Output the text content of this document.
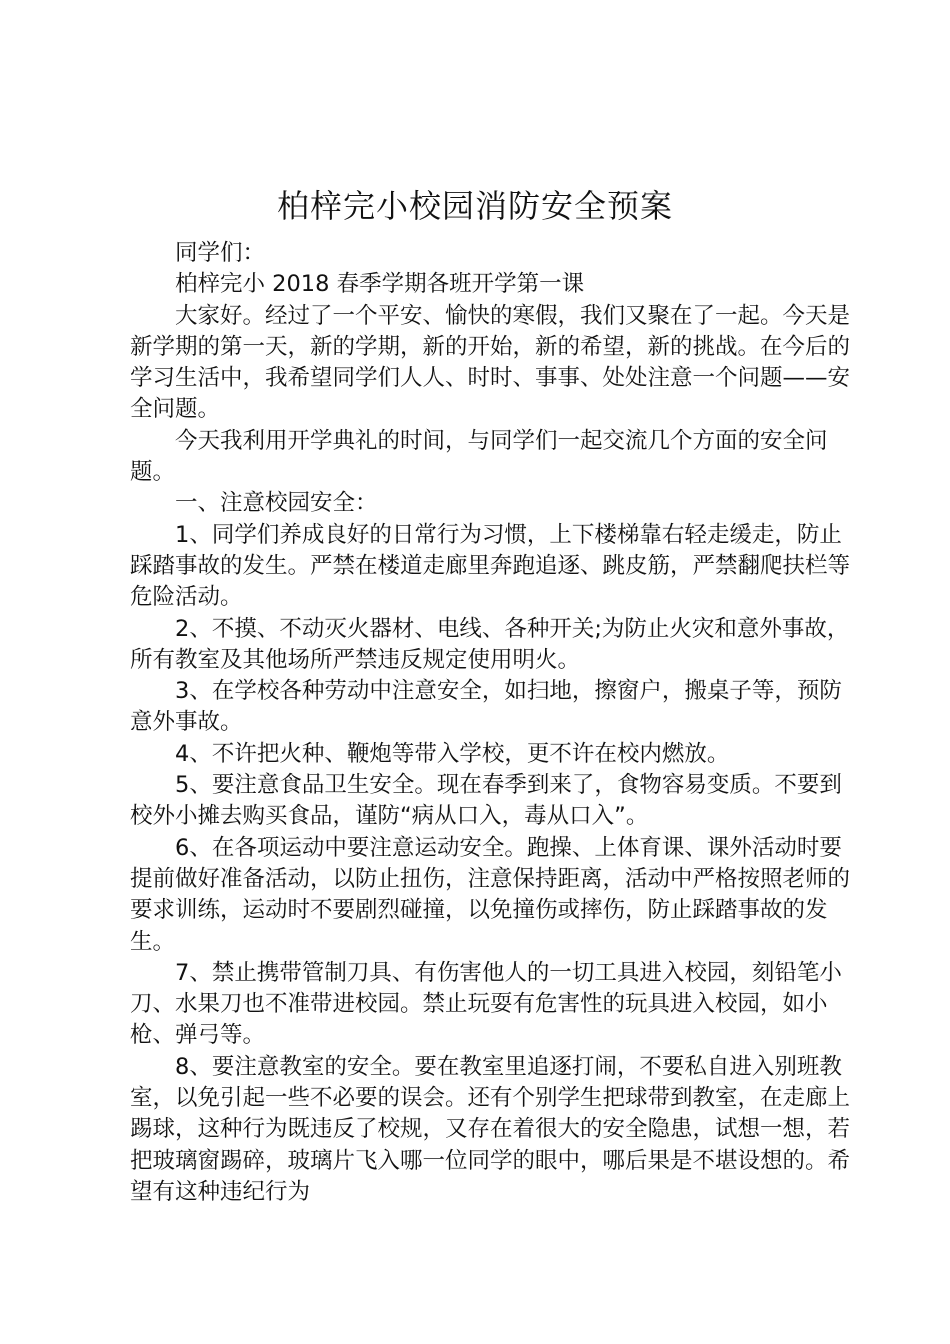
柏梓完小校园消防安全预案

同学们：

柏梓完小 2018 春季学期各班开学第一课

大家好。经过了一个平安、愉快的寒假，我们又聚在了一起。今天是新学期的第一天，新的学期，新的开始，新的希望，新的挑战。在今后的学习生活中，我希望同学们人人、时时、事事、处处注意一个问题——安全问题。

今天我利用开学典礼的时间，与同学们一起交流几个方面的安全问题。

一、注意校园安全：

1、同学们养成良好的日常行为习惯，上下楼梯靠右轻走缓走，防止踩踏事故的发生。严禁在楼道走廊里奔跑追逐、跳皮筋，严禁翻爬扶栏等危险活动。

2、不摸、不动灭火器材、电线、各种开关;为防止火灾和意外事故，所有教室及其他场所严禁违反规定使用明火。

3、在学校各种劳动中注意安全，如扫地，擦窗户，搬桌子等，预防意外事故。

4、不许把火种、鞭炮等带入学校，更不许在校内燃放。

5、要注意食品卫生安全。现在春季到来了，食物容易变质。不要到校外小摊去购买食品，谨防“病从口入，毒从口入”。

6、在各项运动中要注意运动安全。跑操、上体育课、课外活动时要提前做好准备活动，以防止扭伤，注意保持距离，活动中严格按照老师的要求训练，运动时不要剧烈碰撞，以免撞伤或摔伤，防止踩踏事故的发生。

7、禁止携带管制刀具、有伤害他人的一切工具进入校园，刻铅笔小刀、水果刀也不准带进校园。禁止玩耍有危害性的玩具进入校园，如小枪、弹弓等。

8、要注意教室的安全。要在教室里追逐打闹，不要私自进入别班教室，以免引起一些不必要的误会。还有个别学生把球带到教室，在走廊上踢球，这种行为既违反了校规，又存在着很大的安全隐患，试想一想，若把玻璃窗踢碎，玻璃片飞入哪一位同学的眼中，哪后果是不堪设想的。希望有这种违纪行为
